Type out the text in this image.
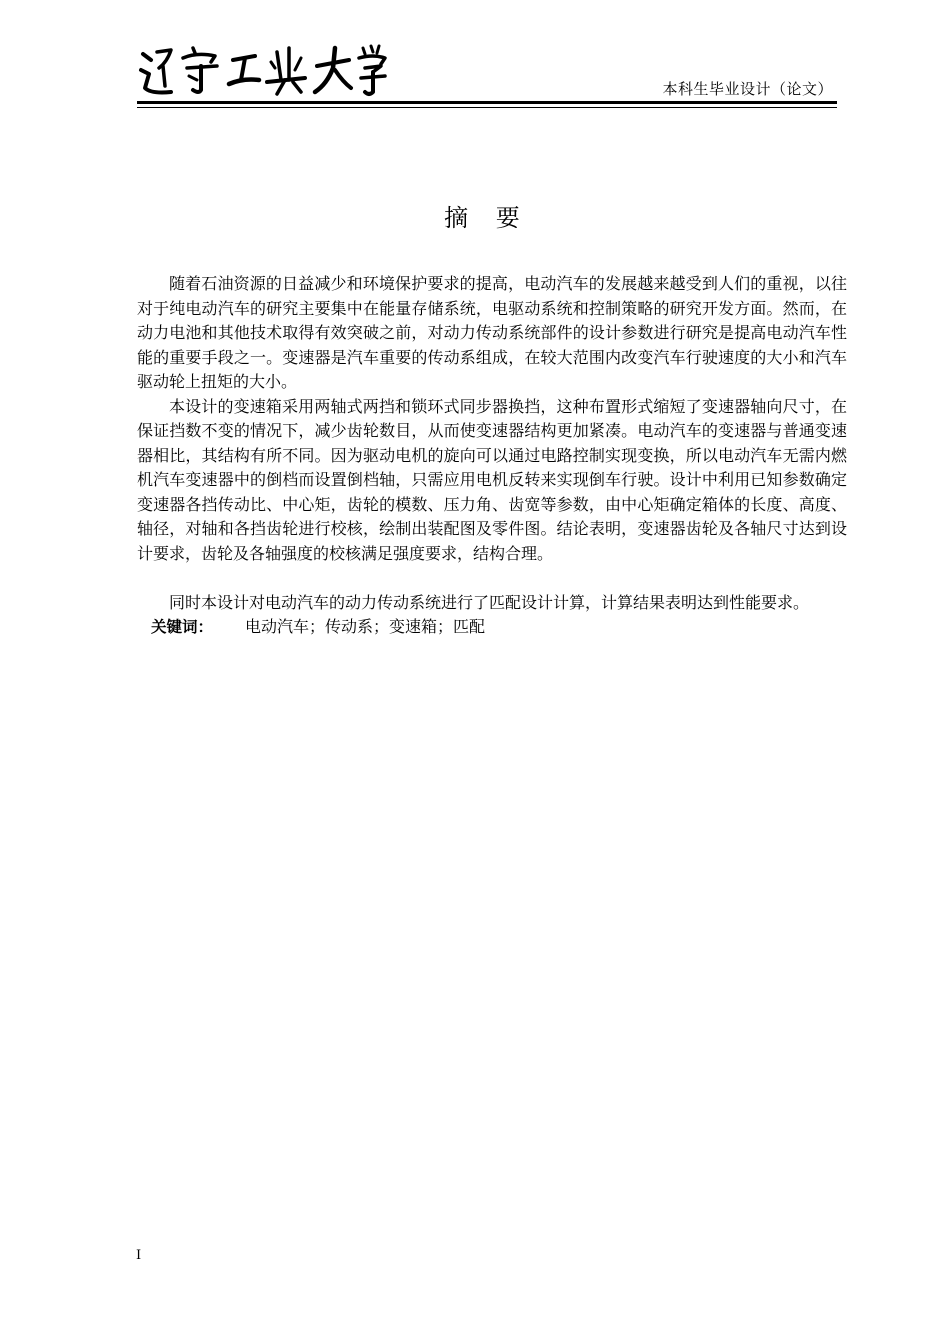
本科生毕业设计（论文）
摘 要

随着石油资源的日益减少和环境保护要求的提高，电动汽车的发展越来越受到人们的重视，以往对于纯电动汽车的研究主要集中在能量存储系统，电驱动系统和控制策略的研究开发方面。然而，在动力电池和其他技术取得有效突破之前，对动力传动系统部件的设计参数进行研究是提高电动汽车性能的重要手段之一。变速器是汽车重要的传动系组成，在较大范围内改变汽车行驶速度的大小和汽车驱动轮上扭矩的大小。

本设计的变速箱采用两轴式两挡和锁环式同步器换挡，这种布置形式缩短了变速器轴向尺寸，在保证挡数不变的情况下，减少齿轮数目，从而使变速器结构更加紧凑。电动汽车的变速器与普通变速器相比，其结构有所不同。因为驱动电机的旋向可以通过电路控制实现变换，所以电动汽车无需内燃机汽车变速器中的倒档而设置倒档轴，只需应用电机反转来实现倒车行驶。设计中利用已知参数确定变速器各挡传动比、中心矩，齿轮的模数、压力角、齿宽等参数，由中心矩确定箱体的长度、高度、轴径，对轴和各挡齿轮进行校核，绘制出装配图及零件图。结论表明，变速器齿轮及各轴尺寸达到设计要求，齿轮及各轴强度的校核满足强度要求，结构合理。

同时本设计对电动汽车的动力传动系统进行了匹配设计计算，计算结果表明达到性能要求。

关键词： 电动汽车；传动系；变速箱；匹配

I
